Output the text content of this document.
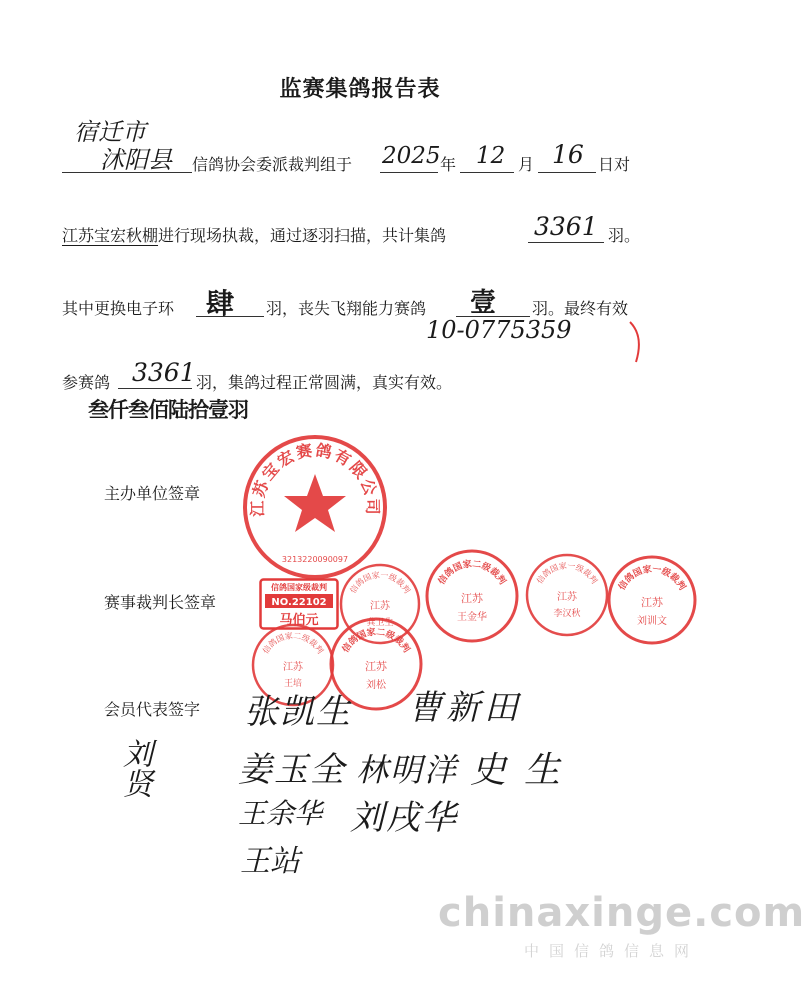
监赛集鸽报告表
宿迁市
沭阳县 信鸽协会委派裁判组于 2025 年 12 月 16 日对
江苏宝宏秋棚 进行现场执裁，通过逐羽扫描，共计集鸽	3361 羽。
其中更换电子环 肆 羽，丧失飞翔能力赛鸽 壹 羽。最终有效
10-0775359
参赛鸽 3361 羽，集鸽过程正常圆满，真实有效。
叁仟叁佰陆拾壹羽
主办单位签章
赛事裁判长签章
会员代表签字
江苏宝宏赛鸽有限公司
3213220090097
信鸽国家级裁判
NO.22102
马伯元
信鸽国家一级裁判
江苏
龚卫生
信鸽国家二级裁判
江苏
王金华
信鸽国家一级裁判
江苏
李汉秋
信鸽国家一级裁判
江苏
刘训文
信鸽国家二级裁判
江苏
王培
信鸽国家二级裁判
江苏
刘松
张凯生 曹新田
刘贤	姜玉全 林明洋 史生
王余华 刘戌华
王站
chinaxinge.com
中国信鸽信息网
